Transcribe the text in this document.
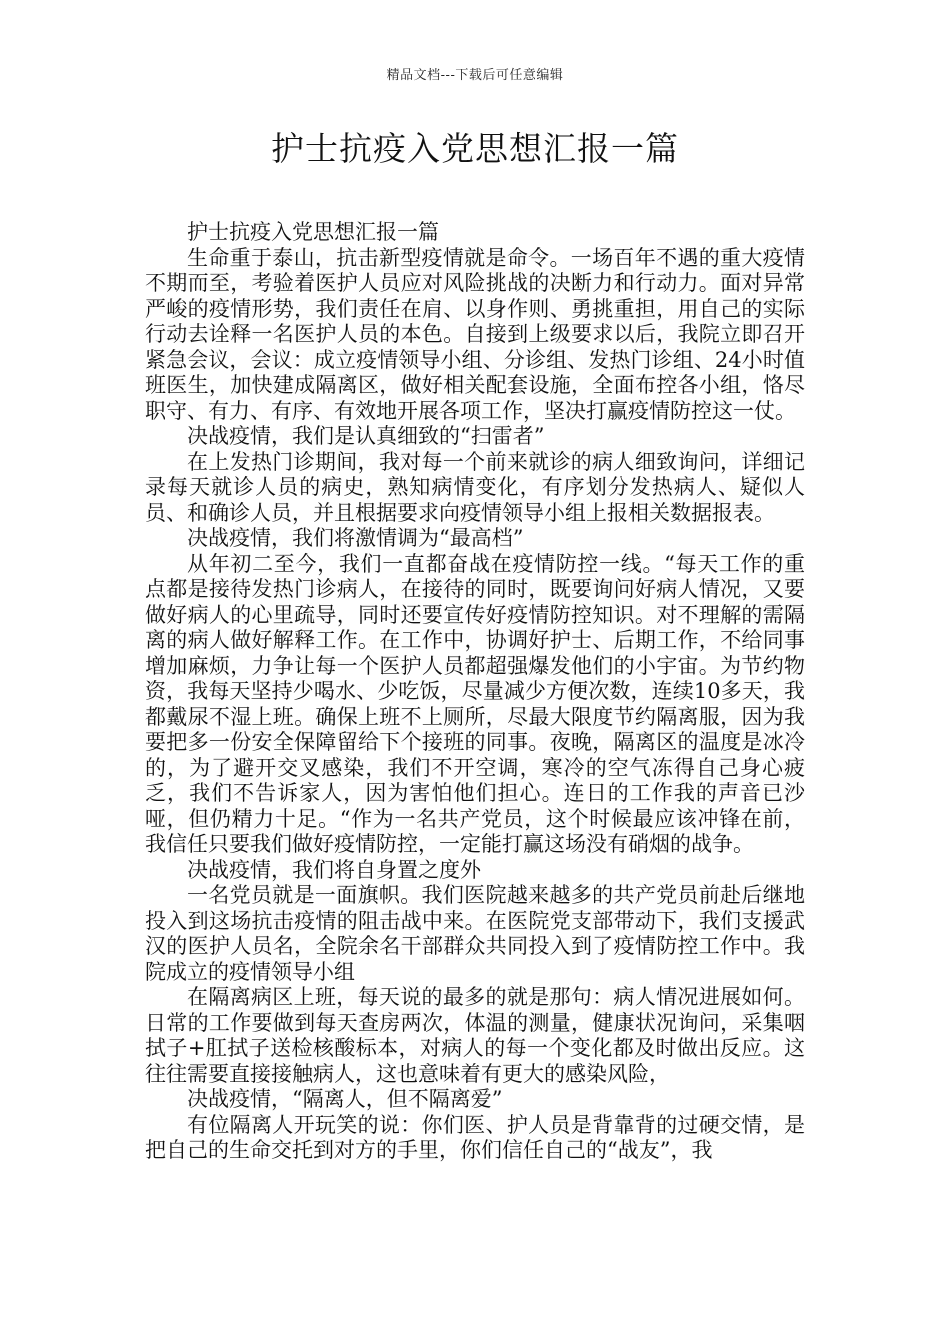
精品文档---下载后可任意编辑
护士抗疫入党思想汇报一篇

护士抗疫入党思想汇报一篇

生命重于泰山，抗击新型疫情就是命令。一场百年不遇的重大疫情不期而至，考验着医护人员应对风险挑战的决断力和行动力。面对异常严峻的疫情形势，我们责任在肩、以身作则、勇挑重担，用自己的实际行动去诠释一名医护人员的本色。自接到上级要求以后，我院立即召开紧急会议，会议：成立疫情领导小组、分诊组、发热门诊组、24小时值班医生，加快建成隔离区，做好相关配套设施，全面布控各小组，恪尽职守、有力、有序、有效地开展各项工作，坚决打赢疫情防控这一仗。

决战疫情，我们是认真细致的“扫雷者”

在上发热门诊期间，我对每一个前来就诊的病人细致询问，详细记录每天就诊人员的病史，熟知病情变化，有序划分发热病人、疑似人员、和确诊人员，并且根据要求向疫情领导小组上报相关数据报表。

决战疫情，我们将激情调为“最高档”

从年初二至今，我们一直都奋战在疫情防控一线。“每天工作的重点都是接待发热门诊病人，在接待的同时，既要询问好病人情况，又要做好病人的心里疏导，同时还要宣传好疫情防控知识。对不理解的需隔离的病人做好解释工作。在工作中，协调好护士、后期工作，不给同事增加麻烦，力争让每一个医护人员都超强爆发他们的小宇宙。为节约物资，我每天坚持少喝水、少吃饭，尽量减少方便次数，连续10多天，我都戴尿不湿上班。确保上班不上厕所，尽最大限度节约隔离服，因为我要把多一份安全保障留给下个接班的同事。夜晚，隔离区的温度是冰冷的，为了避开交叉感染，我们不开空调，寒冷的空气冻得自己身心疲乏，我们不告诉家人，因为害怕他们担心。连日的工作我的声音已沙哑，但仍精力十足。“作为一名共产党员，这个时候最应该冲锋在前，我信任只要我们做好疫情防控，一定能打赢这场没有硝烟的战争。

决战疫情，我们将自身置之度外

一名党员就是一面旗帜。我们医院越来越多的共产党员前赴后继地投入到这场抗击疫情的阻击战中来。在医院党支部带动下，我们支援武汉的医护人员名，全院余名干部群众共同投入到了疫情防控工作中。我院成立的疫情领导小组

在隔离病区上班，每天说的最多的就是那句：病人情况进展如何。日常的工作要做到每天查房两次，体温的测量，健康状况询问，采集咽拭子+肛拭子送检核酸标本，对病人的每一个变化都及时做出反应。这往往需要直接接触病人，这也意味着有更大的感染风险，

决战疫情，“隔离人，但不隔离爱”

有位隔离人开玩笑的说：你们医、护人员是背靠背的过硬交情，是把自己的生命交托到对方的手里，你们信任自己的“战友”，我
